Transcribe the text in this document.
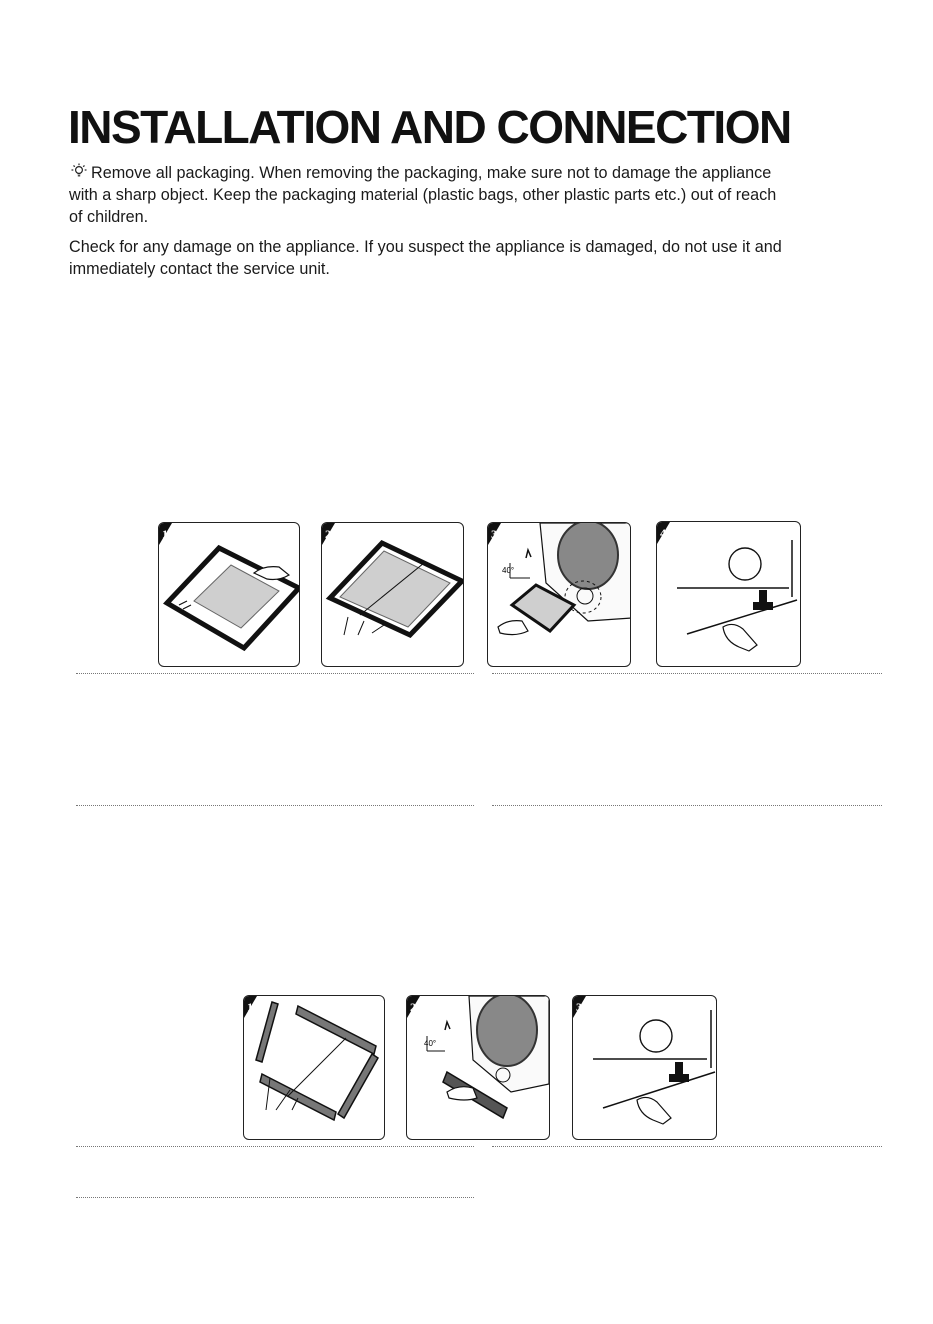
INSTALLATION AND CONNECTION
Remove all packaging. When removing the packaging, make sure not to damage the appliance
with a sharp object. Keep the packaging material (plastic bags, other plastic parts etc.) out of reach
of children.
Check for any damage on the appliance. If you suspect the appliance is damaged, do not use it and
immediately contact the service unit.
1	2	3
40°
4
1	2
40°
3
